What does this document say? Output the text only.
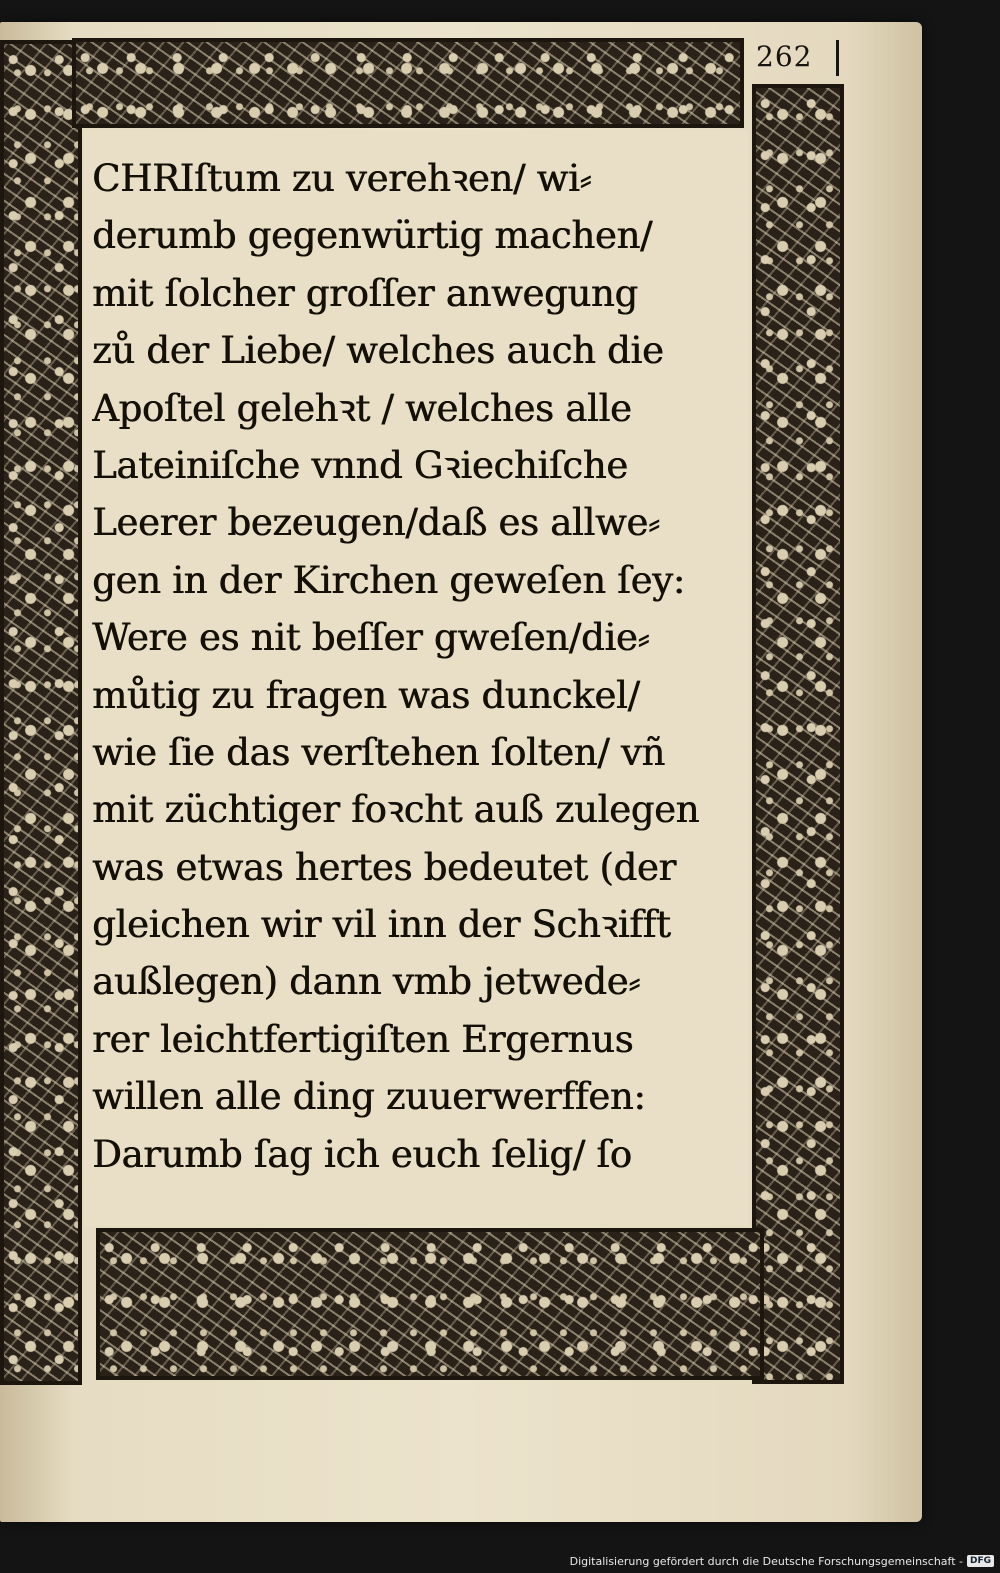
262
CHRIſtum zu verehꝛen/ wi⸗
derumb gegenwürtig machen/
mit ſolcher groſſer anwegung
zů der Liebe/ welches auch die
Apoſtel gelehꝛt / welches alle
Lateiniſche vnnd Gꝛiechiſche
Leerer bezeugen/daß es allwe⸗
gen in der Kirchen geweſen ſey:
Were es nit beſſer gweſen/die⸗
můtig zu fragen was dunckel/
wie ſie das verſtehen ſolten/ vñ
mit züchtiger foꝛcht auß zulegen
was etwas hertes bedeutet (der
gleichen wir vil inn der Schꝛifft
außlegen) dann vmb jetwede⸗
rer leichtfertigiſten Ergernus
willen alle ding zuuerwerffen:
Darumb ſag ich euch ſelig/ ſo
Digitalisierung gefördert durch die Deutsche Forschungsgemeinschaft - DFG
